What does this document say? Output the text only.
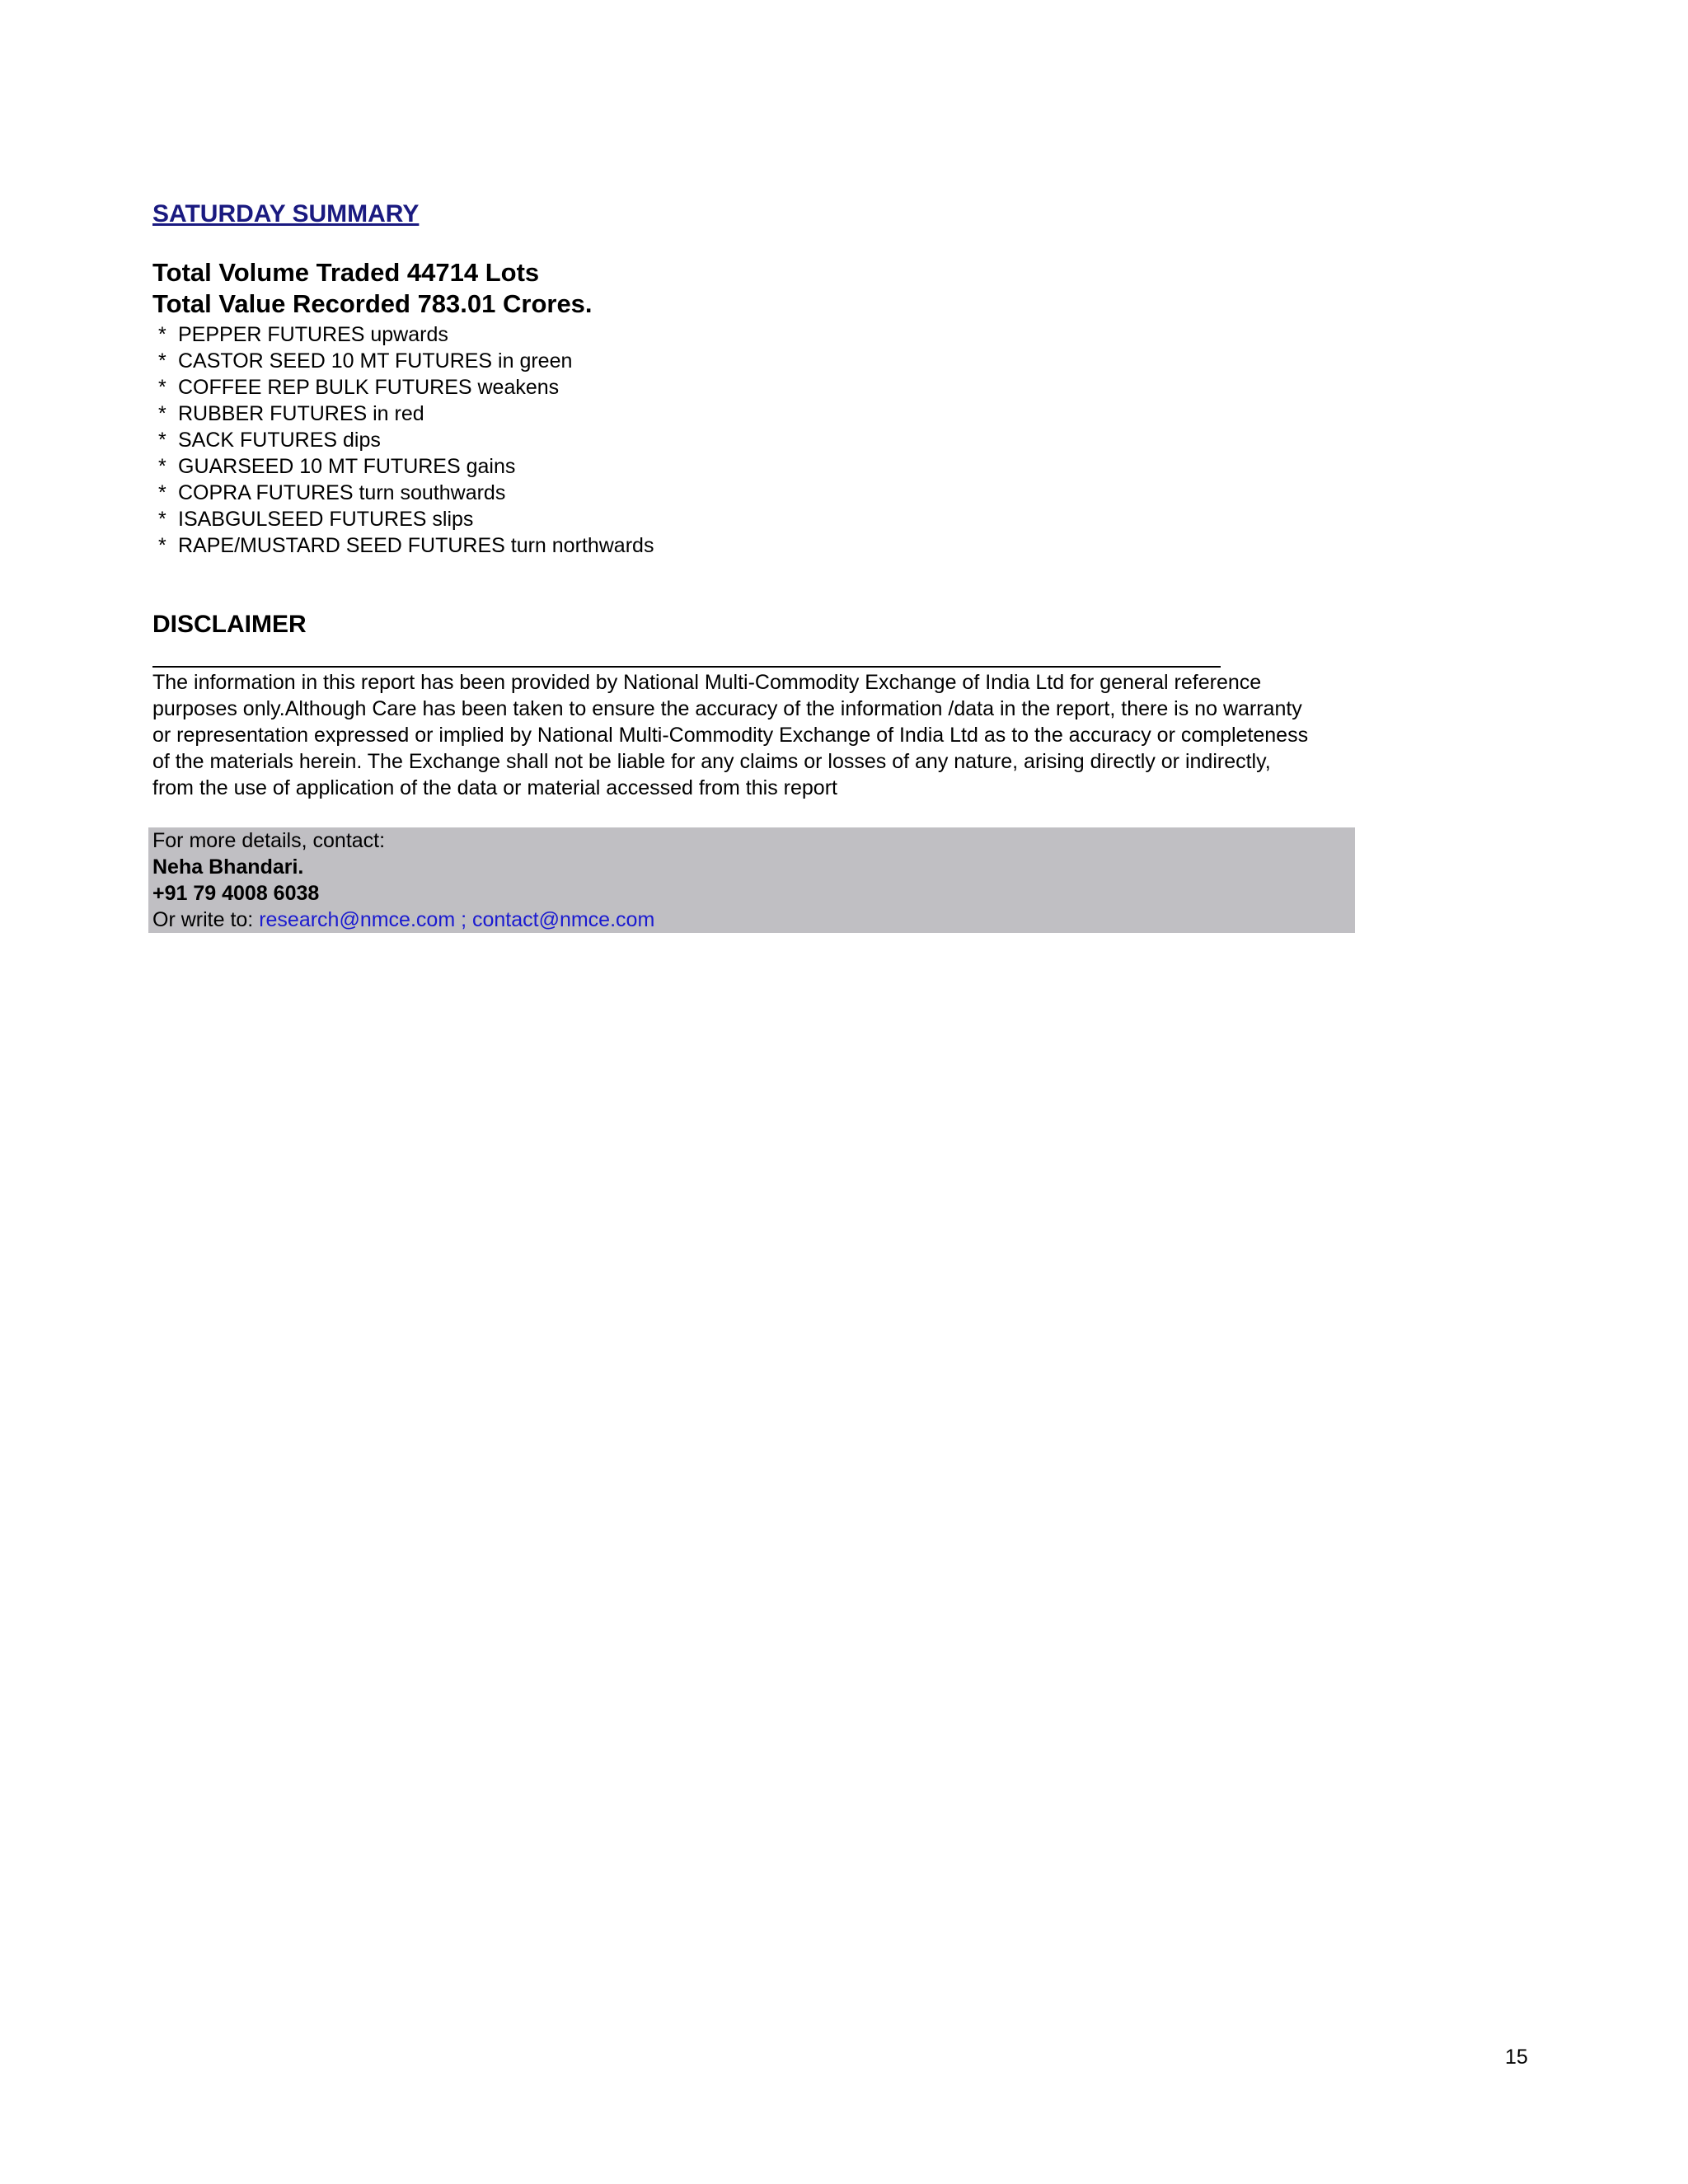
SATURDAY SUMMARY

Total Volume Traded 44714 Lots

Total Value Recorded 783.01 Crores.

* PEPPER FUTURES upwards
* CASTOR SEED 10 MT FUTURES in green
* COFFEE REP BULK FUTURES weakens
* RUBBER FUTURES in red
* SACK FUTURES dips
* GUARSEED 10 MT FUTURES gains
* COPRA FUTURES turn southwards
* ISABGULSEED FUTURES slips
* RAPE/MUSTARD SEED FUTURES turn northwards
DISCLAIMER
The information in this report has been provided by National Multi-Commodity Exchange of India Ltd for general reference
purposes only.Although Care has been taken to ensure the accuracy of the information /data in the report, there is no warranty
or representation expressed or implied by National Multi-Commodity Exchange of India Ltd as to the accuracy or completeness
of the materials herein. The Exchange shall not be liable for any claims or losses of any nature, arising directly or indirectly,
from the use of application of the data or material accessed from this report
For more details, contact:
Neha Bhandari.
+91 79 4008 6038
Or write to: research@nmce.com ; contact@nmce.com
15
